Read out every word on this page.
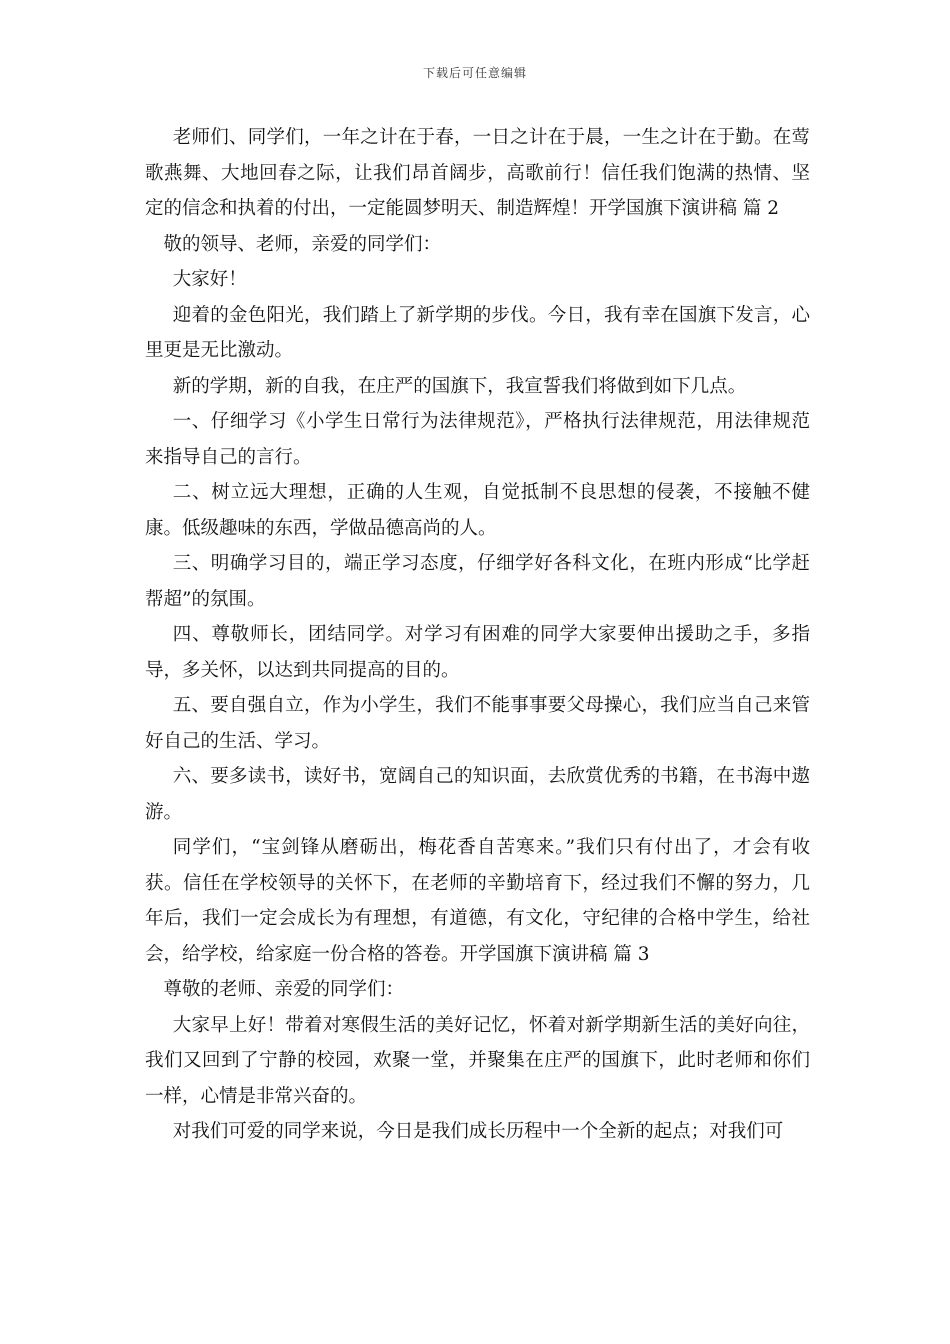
下载后可任意编辑

老师们、同学们，一年之计在于春，一日之计在于晨，一生之计在于勤。在莺歌燕舞、大地回春之际，让我们昂首阔步，高歌前行！信任我们饱满的热情、坚定的信念和执着的付出，一定能圆梦明天、制造辉煌！开学国旗下演讲稿 篇 2

敬的领导、老师，亲爱的同学们：

大家好！

迎着的金色阳光，我们踏上了新学期的步伐。今日，我有幸在国旗下发言，心里更是无比激动。

新的学期，新的自我，在庄严的国旗下，我宣誓我们将做到如下几点。

一、仔细学习《小学生日常行为法律规范》，严格执行法律规范，用法律规范来指导自己的言行。

二、树立远大理想，正确的人生观，自觉抵制不良思想的侵袭，不接触不健康。低级趣味的东西，学做品德高尚的人。

三、明确学习目的，端正学习态度，仔细学好各科文化，在班内形成“比学赶帮超”的氛围。

四、尊敬师长，团结同学。对学习有困难的同学大家要伸出援助之手，多指导，多关怀，以达到共同提高的目的。

五、要自强自立，作为小学生，我们不能事事要父母操心，我们应当自己来管好自己的生活、学习。

六、要多读书，读好书，宽阔自己的知识面，去欣赏优秀的书籍，在书海中遨游。

同学们，“宝剑锋从磨砺出，梅花香自苦寒来。”我们只有付出了，才会有收获。信任在学校领导的关怀下，在老师的辛勤培育下，经过我们不懈的努力，几年后，我们一定会成长为有理想，有道德，有文化，守纪律的合格中学生，给社会，给学校，给家庭一份合格的答卷。开学国旗下演讲稿 篇 3

尊敬的老师、亲爱的同学们：

大家早上好！带着对寒假生活的美好记忆，怀着对新学期新生活的美好向往，我们又回到了宁静的校园，欢聚一堂，并聚集在庄严的国旗下，此时老师和你们一样，心情是非常兴奋的。

对我们可爱的同学来说，今日是我们成长历程中一个全新的起点；对我们可
